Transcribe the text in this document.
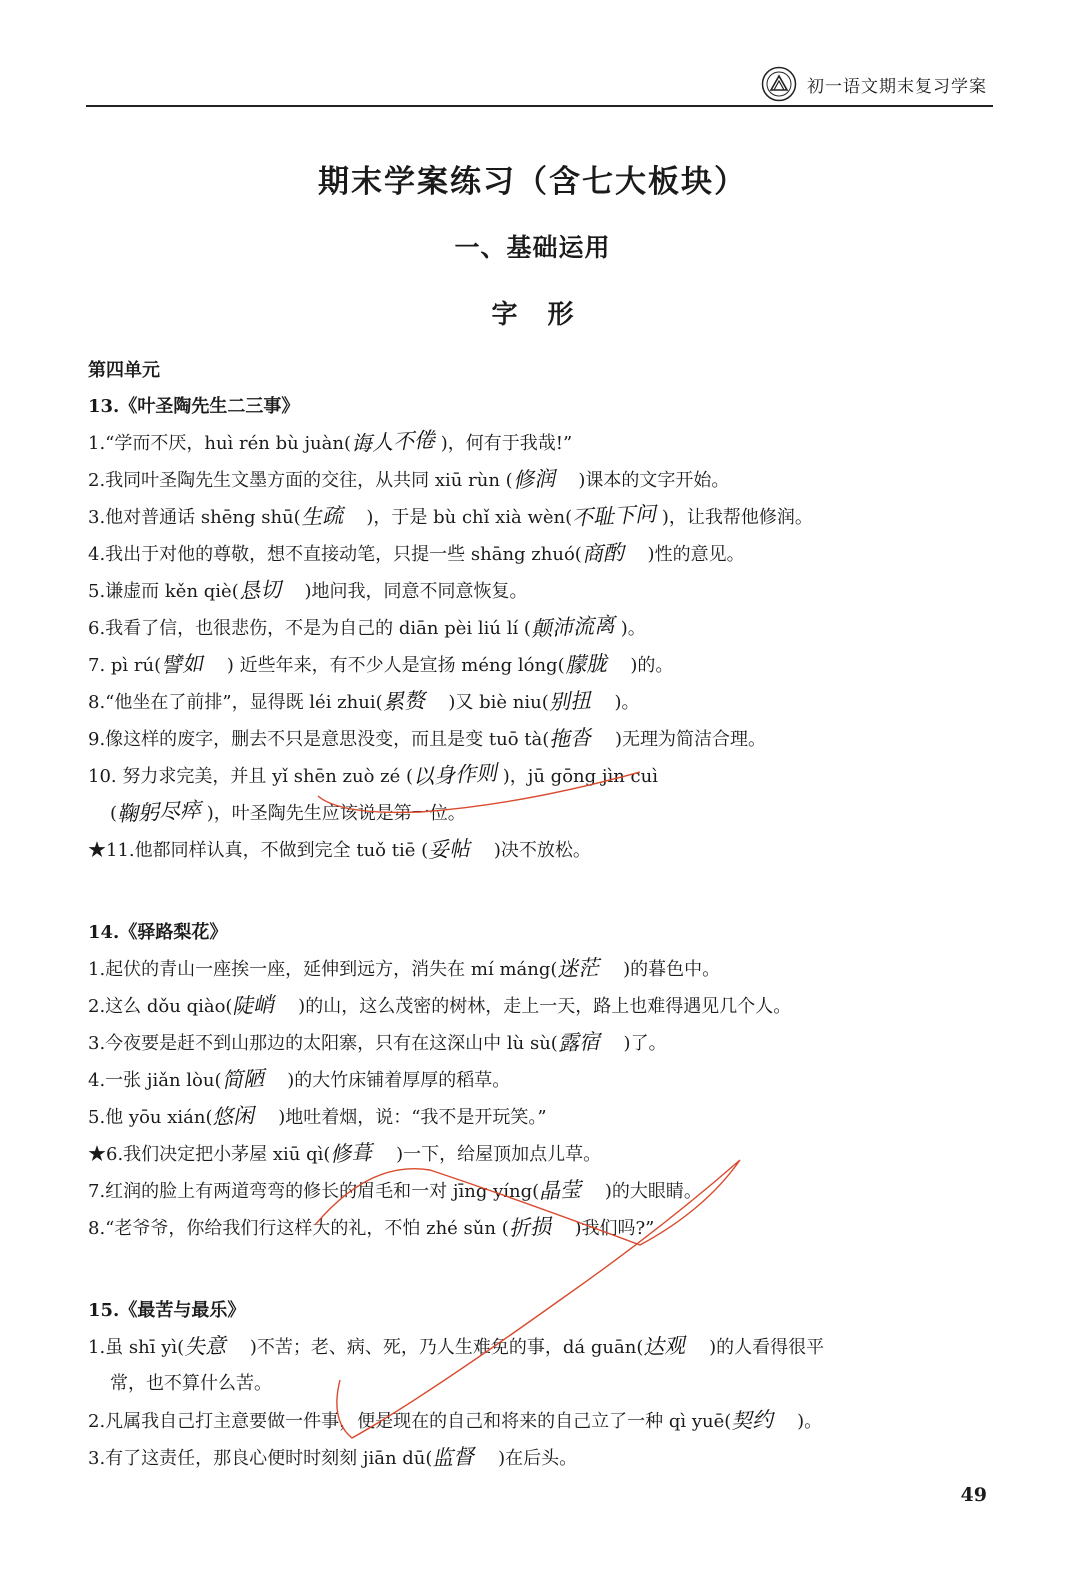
初一语文期末复习学案
期末学案练习（含七大板块）
一、基础运用
字形
第四单元
13.《叶圣陶先生二三事》
1.“学而不厌，huì rén bù juàn(诲人不倦 )，何有于我哉!”
2.我同叶圣陶先生文墨方面的交往，从共同 xiū rùn (修润 )课本的文字开始。
3.他对普通话 shēng shū(生疏 )，于是 bù chǐ xià wèn(不耻下问 )，让我帮他修润。
4.我出于对他的尊敬，想不直接动笔，只提一些 shāng zhuó(商酌 )性的意见。
5.谦虚而 kěn qiè(恳切 )地问我，同意不同意恢复。
6.我看了信，也很悲伤，不是为自己的 diān pèi liú lí (颠沛流离 )。
7. pì rú(譬如 ) 近些年来，有不少人是宣扬 méng lóng(朦胧 )的。
8.“他坐在了前排”，显得既 léi zhui(累赘 )又 biè niu(别扭 )。
9.像这样的废字，删去不只是意思没变，而且是变 tuō tà(拖沓 )无理为简洁合理。
10. 努力求完美，并且 yǐ shēn zuò zé (以身作则 )，jū gōng jìn cuì
(鞠躬尽瘁 )，叶圣陶先生应该说是第一位。
★11.他都同样认真，不做到完全 tuǒ tiē (妥帖 )决不放松。
14.《驿路梨花》
1.起伏的青山一座挨一座，延伸到远方，消失在 mí máng(迷茫 )的暮色中。
2.这么 dǒu qiào(陡峭 )的山，这么茂密的树林，走上一天，路上也难得遇见几个人。
3.今夜要是赶不到山那边的太阳寨，只有在这深山中 lù sù(露宿 )了。
4.一张 jiǎn lòu(简陋 )的大竹床铺着厚厚的稻草。
5.他 yōu xián(悠闲 )地吐着烟，说：“我不是开玩笑。”
★6.我们决定把小茅屋 xiū qì(修葺 )一下，给屋顶加点儿草。
7.红润的脸上有两道弯弯的修长的眉毛和一对 jīng yíng(晶莹 )的大眼睛。
8.“老爷爷，你给我们行这样大的礼，不怕 zhé sǔn (折损 )我们吗?”
15.《最苦与最乐》
1.虽 shī yì(失意 )不苦；老、病、死，乃人生难免的事，dá guān(达观 )的人看得很平
常，也不算什么苦。
2.凡属我自己打主意要做一件事，便是现在的自己和将来的自己立了一种 qì yuē(契约 )。
3.有了这责任，那良心便时时刻刻 jiān dū(监督 )在后头。
49
